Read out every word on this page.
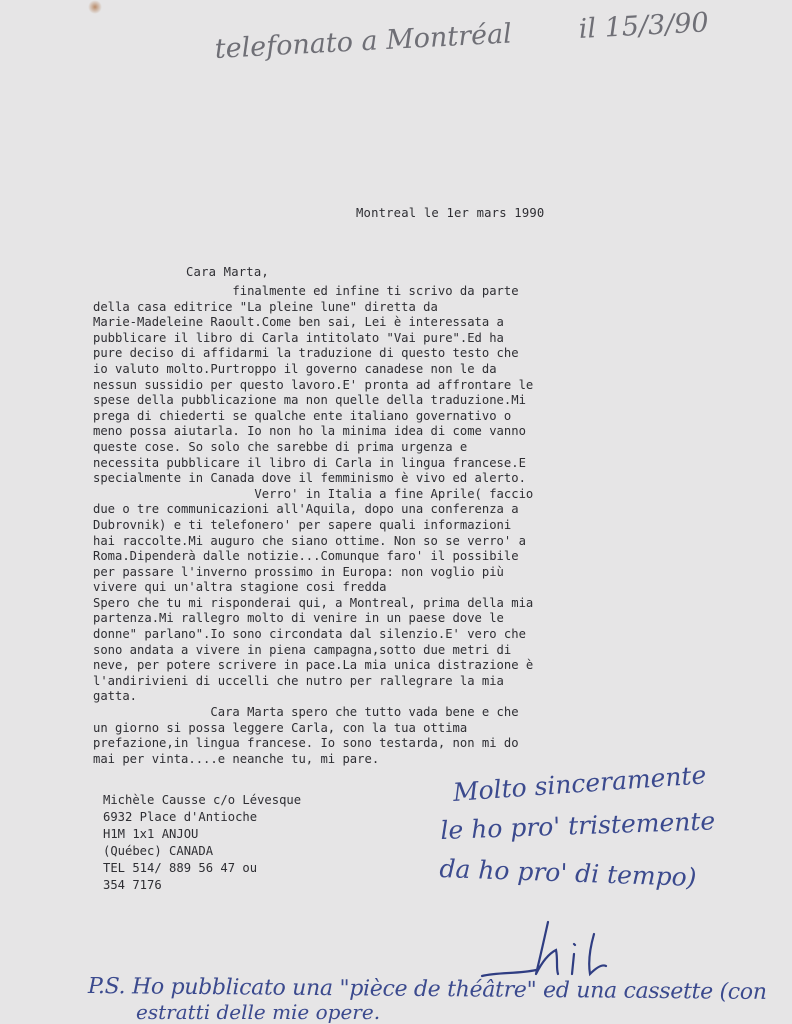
telefonato a Montréal il 15/3/90
Montreal le 1er mars 1990
Cara Marta,
finalmente ed infine ti scrivo da parte
della casa editrice "La pleine lune" diretta da
Marie-Madeleine Raoult.Come ben sai, Lei è interessata a
pubblicare il libro di Carla intitolato "Vai pure".Ed ha
pure deciso di affidarmi la traduzione di questo testo che
io valuto molto.Purtroppo il governo canadese non le da
nessun sussidio per questo lavoro.E' pronta ad affrontare le
spese della pubblicazione ma non quelle della traduzione.Mi
prega di chiederti se qualche ente italiano governativo o
meno possa aiutarla. Io non ho la minima idea di come vanno
queste cose. So solo che sarebbe di prima urgenza e
necessita pubblicare il libro di Carla in lingua francese.E
specialmente in Canada dove il femminismo è vivo ed alerto.
Verro' in Italia a fine Aprile( faccio
due o tre communicazioni all'Aquila, dopo una conferenza a
Dubrovnik) e ti telefonero' per sapere quali informazioni
hai raccolte.Mi auguro che siano ottime. Non so se verro' a
Roma.Dipenderà dalle notizie...Comunque faro' il possibile
per passare l'inverno prossimo in Europa: non voglio più
vivere qui un'altra stagione cosi fredda
Spero che tu mi risponderai qui, a Montreal, prima della mia
partenza.Mi rallegro molto di venire in un paese dove le
donne" parlano".Io sono circondata dal silenzio.E' vero che
sono andata a vivere in piena campagna,sotto due metri di
neve, per potere scrivere in pace.La mia unica distrazione è
l'andirivieni di uccelli che nutro per rallegrare la mia
gatta.
Cara Marta spero che tutto vada bene e che
un giorno si possa leggere Carla, con la tua ottima
prefazione,in lingua francese. Io sono testarda, non mi do
mai per vinta....e neanche tu, mi pare.
Michèle Causse c/o Lévesque
6932 Place d'Antioche
H1M 1x1 ANJOU
(Québec) CANADA
TEL 514/ 889 56 47 ou
354 7176
Molto sinceramente
le ho pro' tristemente
da ho pro' di tempo)
P.S. Ho pubblicato una "pièce de théâtre" ed una cassette (con
estratti delle mie opere.
